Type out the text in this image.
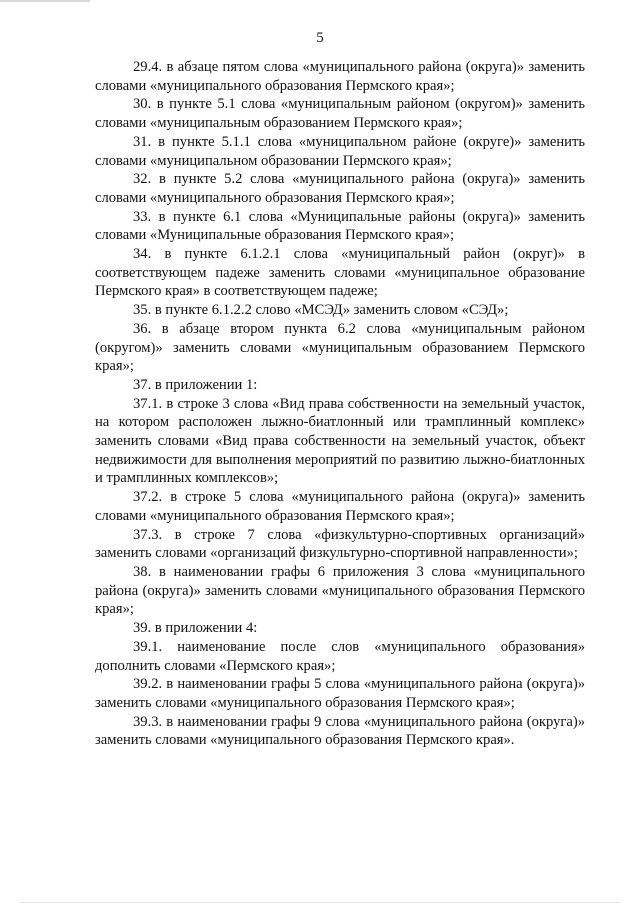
5

29.4. в абзаце пятом слова «муниципального района (округа)» заменить словами «муниципального образования Пермского края»;

30. в пункте 5.1 слова «муниципальным районом (округом)» заменить словами «муниципальным образованием Пермского края»;

31. в пункте 5.1.1 слова «муниципальном районе (округе)» заменить словами «муниципальном образовании Пермского края»;

32. в пункте 5.2 слова «муниципального района (округа)» заменить словами «муниципального образования Пермского края»;

33. в пункте 6.1 слова «Муниципальные районы (округа)» заменить словами «Муниципальные образования Пермского края»;

34. в пункте 6.1.2.1 слова «муниципальный район (округ)» в соответствующем падеже заменить словами «муниципальное образование Пермского края» в соответствующем падеже;

35. в пункте 6.1.2.2 слово «МСЭД» заменить словом «СЭД»;

36. в абзаце втором пункта 6.2 слова «муниципальным районом (округом)» заменить словами «муниципальным образованием Пермского края»;

37. в приложении 1:

37.1. в строке 3 слова «Вид права собственности на земельный участок, на котором расположен лыжно-биатлонный или трамплинный комплекс» заменить словами «Вид права собственности на земельный участок, объект недвижимости для выполнения мероприятий по развитию лыжно-биатлонных и трамплинных комплексов»;

37.2. в строке 5 слова «муниципального района (округа)» заменить словами «муниципального образования Пермского края»;

37.3. в строке 7 слова «физкультурно-спортивных организаций» заменить словами «организаций физкультурно-спортивной направленности»;

38. в наименовании графы 6 приложения 3 слова «муниципального района (округа)» заменить словами «муниципального образования Пермского края»;

39. в приложении 4:

39.1. наименование после слов «муниципального образования» дополнить словами «Пермского края»;

39.2. в наименовании графы 5 слова «муниципального района (округа)» заменить словами «муниципального образования Пермского края»;

39.3. в наименовании графы 9 слова «муниципального района (округа)» заменить словами «муниципального образования Пермского края».
